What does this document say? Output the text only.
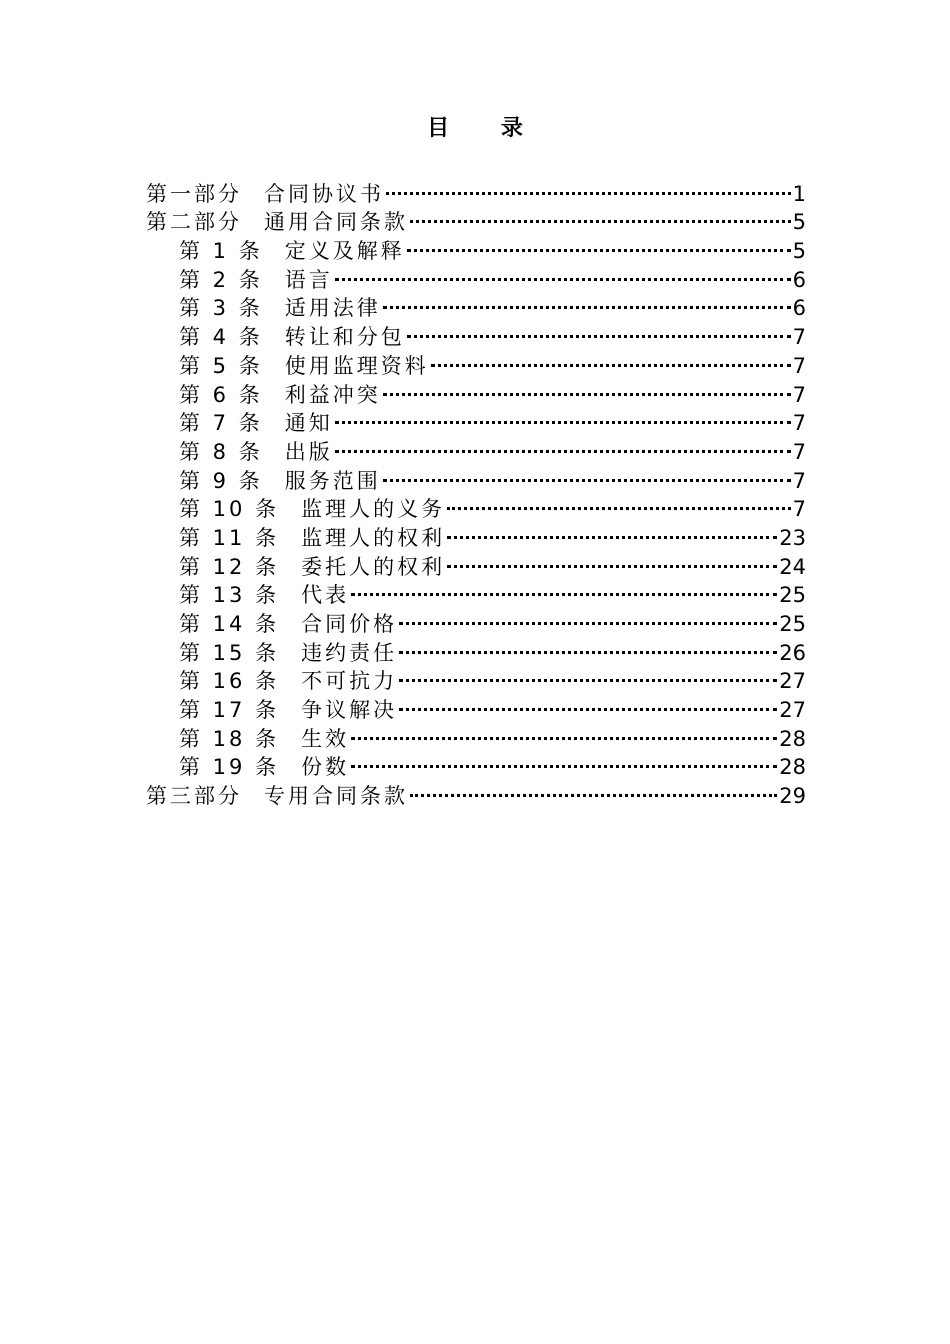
目 录
第一部分 合同协议书	1
第二部分 通用合同条款	5
第 1 条 定义及解释	5
第 2 条 语言	6
第 3 条 适用法律	6
第 4 条 转让和分包	7
第 5 条 使用监理资料	7
第 6 条 利益冲突	7
第 7 条 通知	7
第 8 条 出版	7
第 9 条 服务范围	7
第 10 条 监理人的义务	7
第 11 条 监理人的权利	23
第 12 条 委托人的权利	24
第 13 条 代表	25
第 14 条 合同价格	25
第 15 条 违约责任	26
第 16 条 不可抗力	27
第 17 条 争议解决	27
第 18 条 生效	28
第 19 条 份数	28
第三部分 专用合同条款	29
